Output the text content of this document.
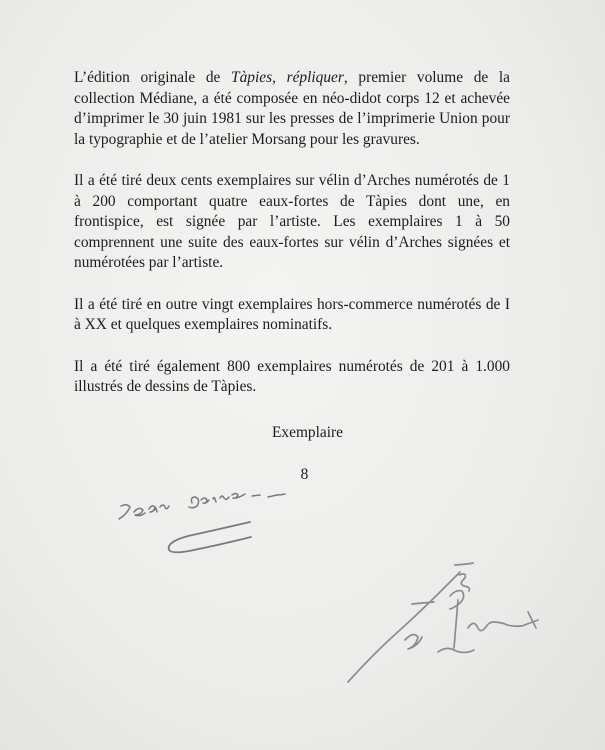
L’édition originale de Tàpies, répliquer, premier volume de la collection Médiane, a été composée en néo-didot corps 12 et achevée d’imprimer le 30 juin 1981 sur les presses de l’imprimerie Union pour la typographie et de l’atelier Morsang pour les gravures.

Il a été tiré deux cents exemplaires sur vélin d’Arches numérotés de 1 à 200 comportant quatre eaux-fortes de Tàpies dont une, en frontispice, est signée par l’artiste. Les exemplaires 1 à 50 comprennent une suite des eaux-fortes sur vélin d’Arches signées et numérotées par l’artiste.

Il a été tiré en outre vingt exemplaires hors-commerce numérotés de I à XX et quelques exemplaires nominatifs.

Il a été tiré également 800 exemplaires numérotés de 201 à 1.000 illustrés de dessins de Tàpies.

Exemplaire
8
